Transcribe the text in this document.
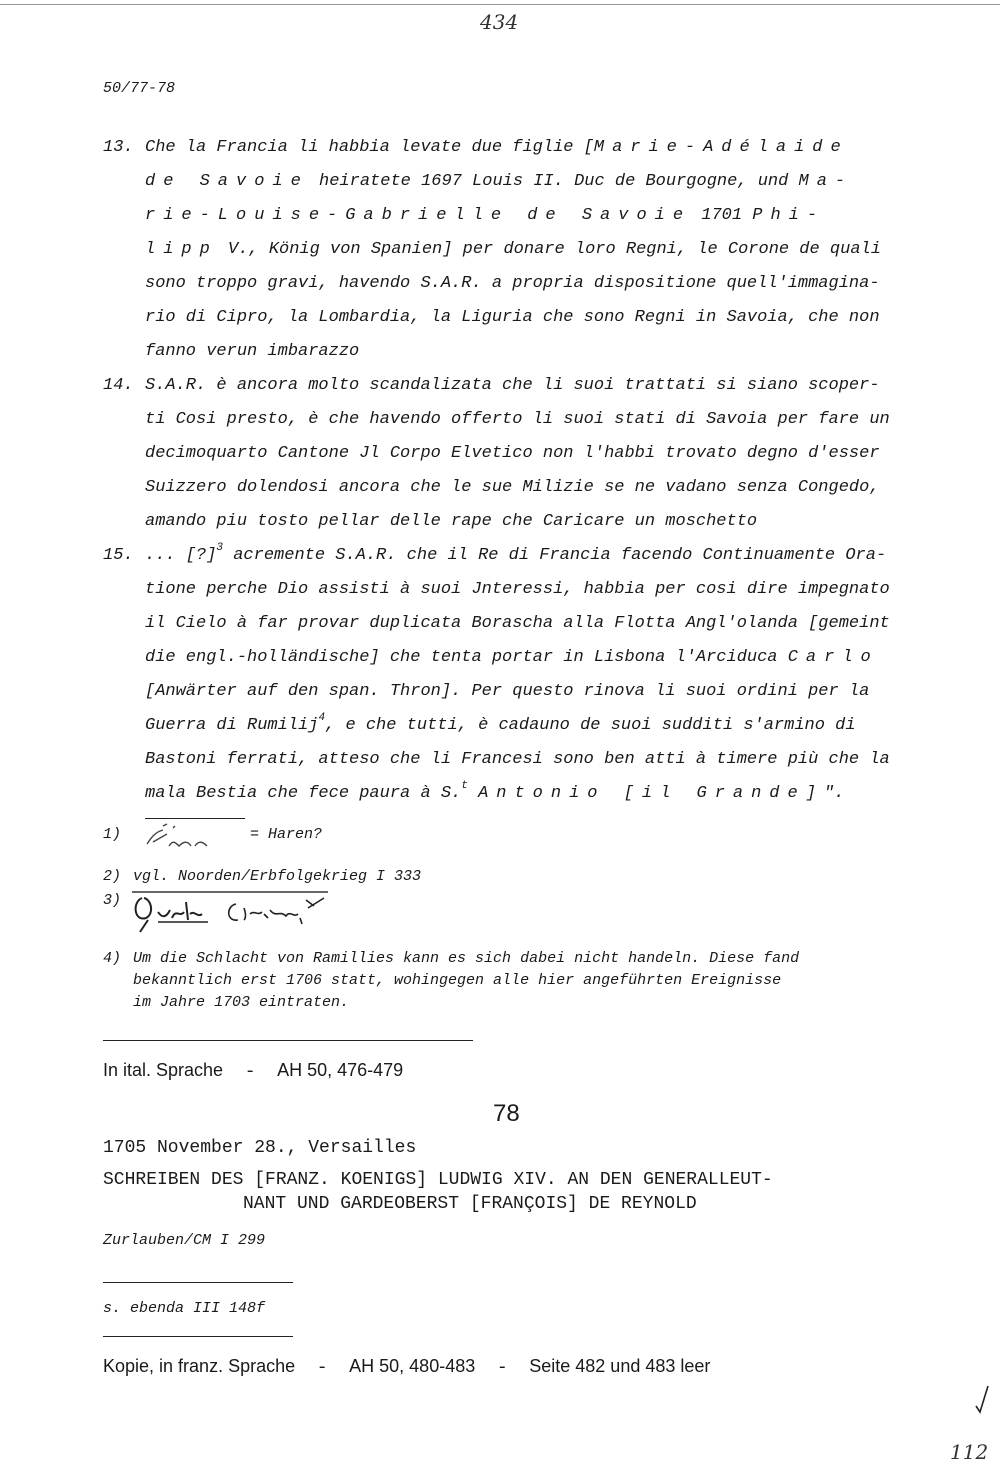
434
50/77-78
13. Che la Francia li habbia levate due figlie [Marie-Adélaide
de Savoie heiratete 1697 Louis II. Duc de Bourgogne, und Ma-
rie-Louise-Gabrielle de Savoie 1701 Phi-
lipp V., König von Spanien] per donare loro Regni, le Corone de quali
sono troppo gravi, havendo S.A.R. a propria dispositione quell'immagina-
rio di Cipro, la Lombardia, la Liguria che sono Regni in Savoia, che non
fanno verun imbarazzo
14. S.A.R. è ancora molto scandalizata che li suoi trattati si siano scoper-
ti Cosi presto, è che havendo offerto li suoi stati di Savoia per fare un
decimoquarto Cantone Jl Corpo Elvetico non l'habbi trovato degno d'esser
Suizzero dolendosi ancora che le sue Milizie se ne vadano senza Congedo,
amando piu tosto pellar delle rape che Caricare un moschetto
15. ... [?]$^3$ acremente S.A.R. che il Re di Francia facendo Continuamente Ora-
tione perche Dio assisti à suoi Jnteressi, habbia per cosi dire impegnato
il Cielo à far provar duplicata Borascha alla Flotta Angl'olanda [gemeint
die engl.-holländische] che tenta portar in Lisbona l'Arciduca Carlo
[Anwärter auf den span. Thron]. Per questo rinova li suoi ordini per la
Guerra di Rumilij$^4$, e che tutti, è cadauno de suoi sudditi s'armino di
Bastoni ferrati, atteso che li Francesi sono ben atti à timere più che la
mala Bestia che fece paura à S.$^t$ Antonio [il Grande]".
1)	= Haren?
2) vgl. Noorden/Erbfolgekrieg I 333
3)
4) Um die Schlacht von Ramillies kann es sich dabei nicht handeln. Diese fand
bekanntlich erst 1706 statt, wohingegen alle hier angeführten Ereignisse
im Jahre 1703 eintraten.
In ital. Sprache - AH 50, 476-479
78
1705 November 28., Versailles
SCHREIBEN DES [FRANZ. KOENIGS] LUDWIG XIV. AN DEN GENERALLEUT-
NANT UND GARDEOBERST [FRANÇOIS] DE REYNOLD
Zurlauben/CM I 299
s. ebenda III 148f
Kopie, in franz. Sprache  -  AH 50, 480-483  -  Seite 482 und 483 leer
112
